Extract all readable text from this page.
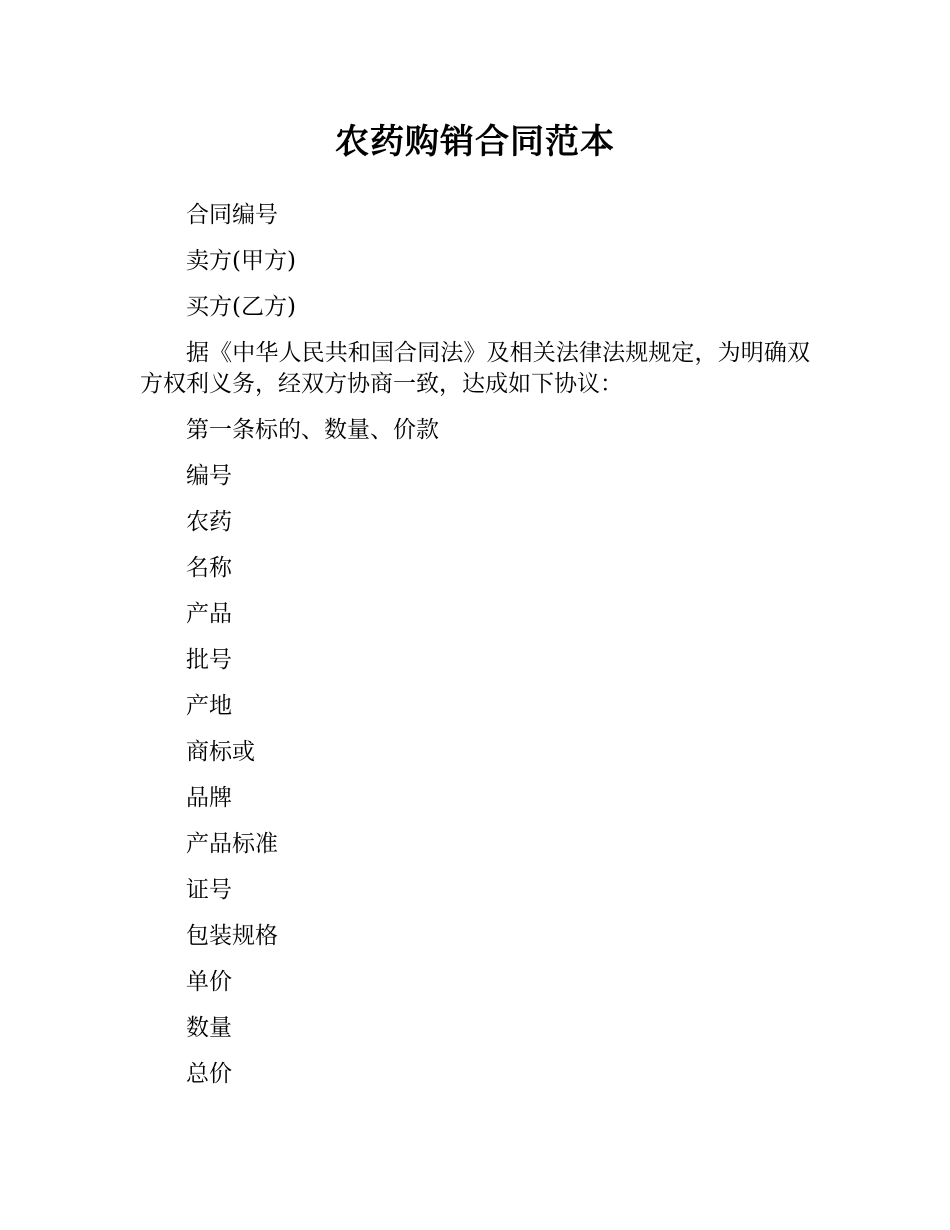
农药购销合同范本

合同编号

卖方(甲方)

买方(乙方)

据《中华人民共和国合同法》及相关法律法规规定，为明确双方权利义务，经双方协商一致，达成如下协议：

第一条标的、数量、价款

编号

农药

名称

产品

批号

产地

商标或

品牌

产品标准

证号

包装规格

单价

数量

总价
